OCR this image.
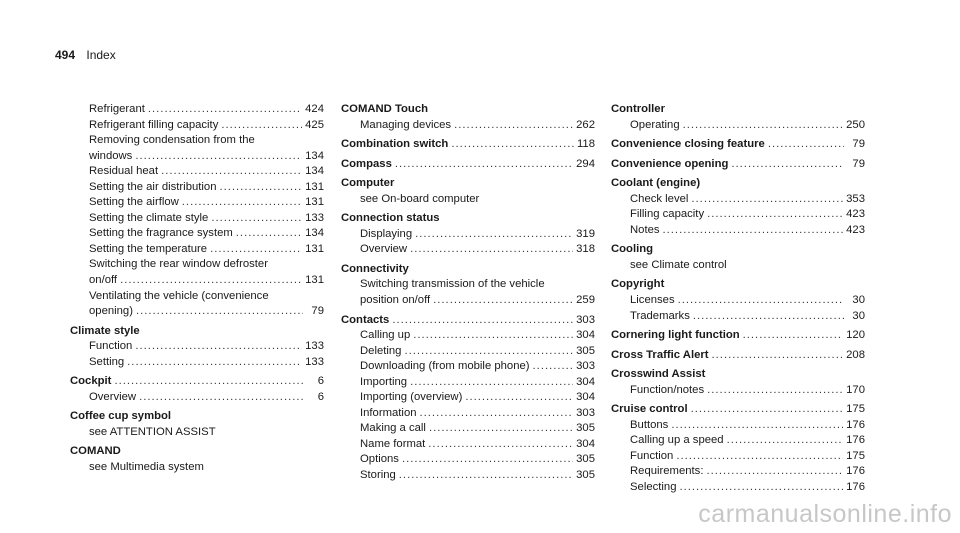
494 Index
Refrigerant .....	424
Refrigerant filling capacity .....	425
Removing condensation from the
windows .....	134
Residual heat .....	134
Setting the air distribution .....	131
Setting the airflow .....	131
Setting the climate style .....	133
Setting the fragrance system .....	134
Setting the temperature .....	131
Switching the rear window defroster
on/off .....	131
Ventilating the vehicle (convenience
opening) .....	79
Climate style
Function .....	133
Setting .....	133
Cockpit .....	6
Overview .....	6
Coffee cup symbol
see ATTENTION ASSIST
COMAND
see Multimedia system
COMAND Touch
Managing devices .....	262
Combination switch .....	118
Compass .....	294
Computer
see On-board computer
Connection status
Displaying .....	319
Overview .....	318
Connectivity
Switching transmission of the vehicle
position on/off .....	259
Contacts .....	303
Calling up .....	304
Deleting .....	305
Downloading (from mobile phone) .....	303
Importing .....	304
Importing (overview) .....	304
Information .....	303
Making a call .....	305
Name format .....	304
Options .....	305
Storing .....	305
Controller
Operating .....	250
Convenience closing feature .....	79
Convenience opening .....	79
Coolant (engine)
Check level .....	353
Filling capacity .....	423
Notes .....	423
Cooling
see Climate control
Copyright
Licenses .....	30
Trademarks .....	30
Cornering light function .....	120
Cross Traffic Alert .....	208
Crosswind Assist
Function/notes .....	170
Cruise control .....	175
Buttons .....	176
Calling up a speed .....	176
Function .....	175
Requirements: .....	176
Selecting .....	176
carmanualsonline.info
